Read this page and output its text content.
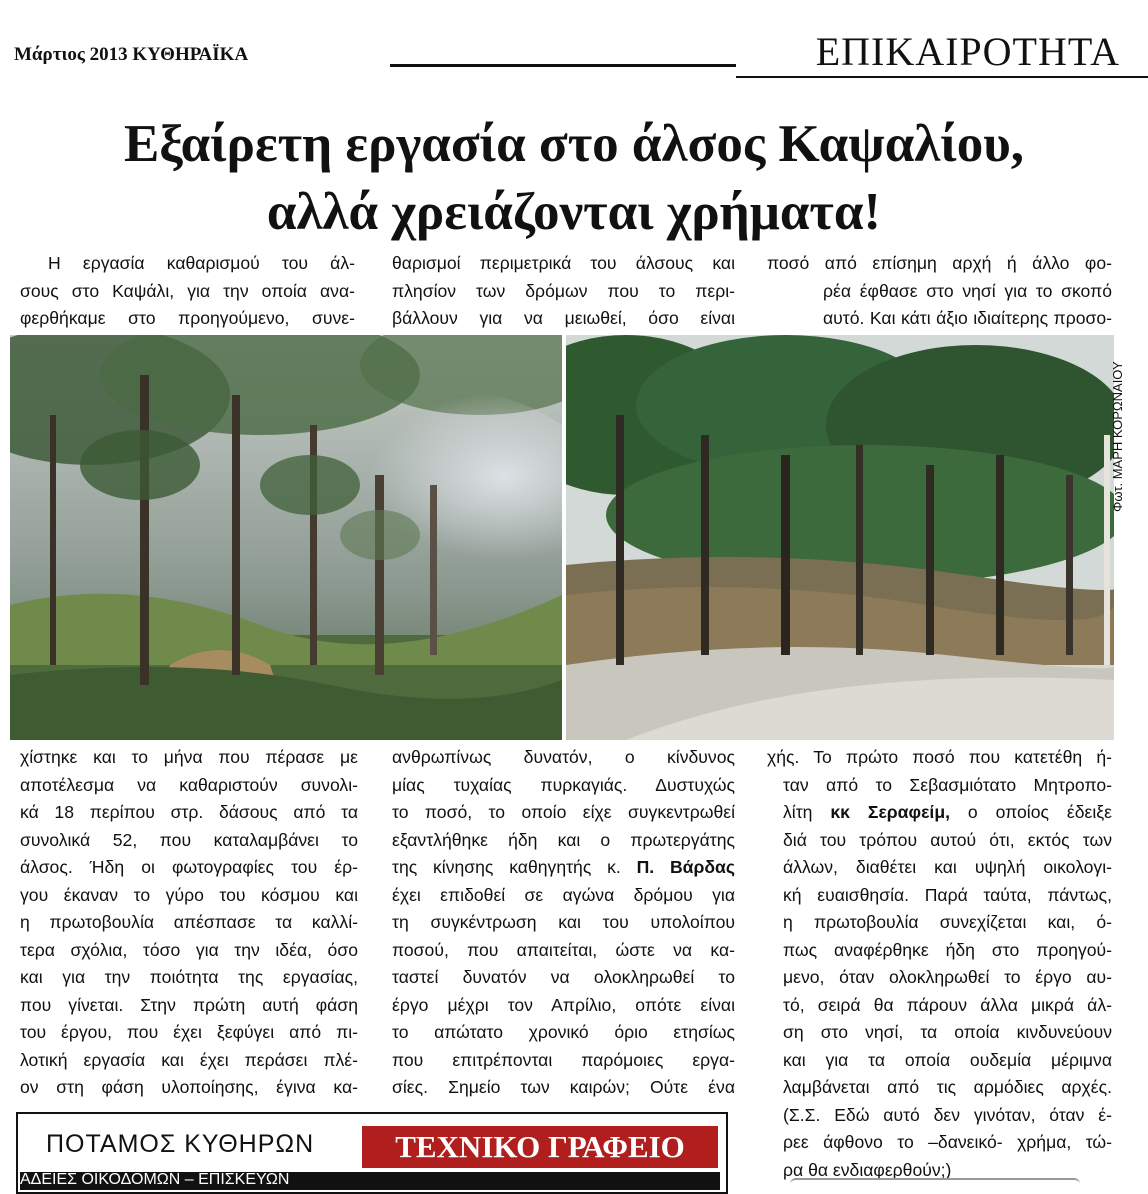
Μάρτιος 2013 ΚΥΘΗΡΑΪΚΑ	ΕΠΙΚΑΙΡΟΤΗΤΑ
Εξαίρετη εργασία στο άλσος Καψαλίου,
αλλά χρειάζονται χρήματα!
Η εργασία καθαρισμού του άλ-
σους στο Καψάλι, για την οποία ανα-
φερθήκαμε στο προηγούμενο, συνε-
θαρισμοί περιμετρικά του άλσους και
πλησίον των δρόμων που το περι-
βάλλουν για να μειωθεί, όσο είναι
ποσό από επίσημη αρχή ή άλλο φο-
ρέα έφθασε στο νησί για το σκοπό
αυτό. Και κάτι άξιο ιδιαίτερης προσο-
Φωτ. ΜΑΡΗ ΚΟΡΩΝΑΙΟΥ
χίστηκε και το μήνα που πέρασε με
αποτέλεσμα να καθαριστούν συνολι-
κά 18 περίπου στρ. δάσους από τα
συνολικά 52, που καταλαμβάνει το
άλσος. Ήδη οι φωτογραφίες του έρ-
γου έκαναν το γύρο του κόσμου και
η πρωτοβουλία απέσπασε τα καλλί-
τερα σχόλια, τόσο για την ιδέα, όσο
και για την ποιότητα της εργασίας,
που γίνεται. Στην πρώτη αυτή φάση
του έργου, που έχει ξεφύγει από πι-
λοτική εργασία και έχει περάσει πλέ-
ον στη φάση υλοποίησης, έγινα κα-
ανθρωπίνως δυνατόν, ο κίνδυνος
μίας τυχαίας πυρκαγιάς. Δυστυχώς
το ποσό, το οποίο είχε συγκεντρωθεί
εξαντλήθηκε ήδη και ο πρωτεργάτης
της κίνησης καθηγητής κ. Π. Βάρδας
έχει επιδοθεί σε αγώνα δρόμου για
τη συγκέντρωση και του υπολοίπου
ποσού, που απαιτείται, ώστε να κα-
ταστεί δυνατόν να ολοκληρωθεί το
έργο μέχρι τον Απρίλιο, οπότε είναι
το απώτατο χρονικό όριο ετησίως
που επιτρέπονται παρόμοιες εργα-
σίες. Σημείο των καιρών; Ούτε ένα
χής. Το πρώτο ποσό που κατετέθη ή-
ταν από το Σεβασμιότατο Μητροπο-
λίτη κκ Σεραφείμ, ο οποίος έδειξε
διά του τρόπου αυτού ότι, εκτός των
άλλων, διαθέτει και υψηλή οικολογι-
κή ευαισθησία. Παρά ταύτα, πάντως,
η πρωτοβουλία συνεχίζεται και, ό-
πως αναφέρθηκε ήδη στο προηγού-
μενο, όταν ολοκληρωθεί το έργο αυ-
τό, σειρά θα πάρουν άλλα μικρά άλ-
ση στο νησί, τα οποία κινδυνεύουν
και για τα οποία ουδεμία μέριμνα
λαμβάνεται από τις αρμόδιες αρχές.
(Σ.Σ. Εδώ αυτό δεν γινόταν, όταν έ-
ρεε άφθονο το –δανεικό- χρήμα, τώ-
ρα θα ενδιαφερθούν;)
ΠΟΤΑΜΟΣ ΚΥΘΗΡΩΝ	ΤΕΧΝΙΚΟ ΓΡΑΦΕΙΟ
ΑΔΕΙΕΣ ΟΙΚΟΔΟΜΩΝ – ΕΠΙΣΚΕΥΩΝ
